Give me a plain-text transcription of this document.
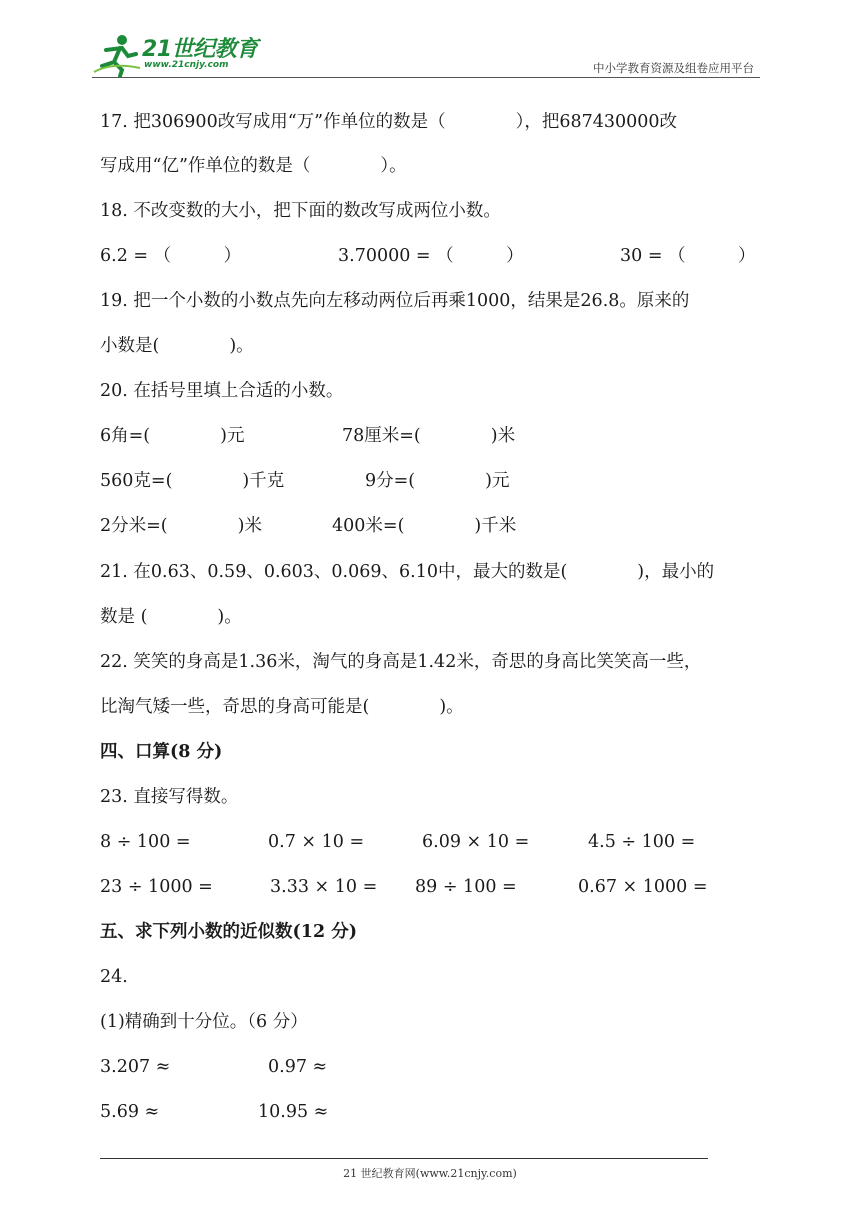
21世纪教育
www.21cnjy.com	中小学教育资源及组卷应用平台
17. 把306900改写成用“万”作单位的数是（　　　　），把687430000改
写成用“亿”作单位的数是（　　　　）。
18. 不改变数的大小，把下面的数改写成两位小数。
6.2 = （　　　）	3.70000 = （　　　）	30 = （　　　）
19. 把一个小数的小数点先向左移动两位后再乘1000，结果是26.8。原来的
小数是(　　　　)。
20. 在括号里填上合适的小数。
6角=(　　　　)元	78厘米=(　　　　)米
560克=(　　　　)千克	9分=(　　　　)元
2分米=(　　　　)米	400米=(　　　　)千米
21. 在0.63、0.59、0.603、0.069、6.10中，最大的数是(　　　　)，最小的
数是 (　　　　)。
22. 笑笑的身高是1.36米，淘气的身高是1.42米，奇思的身高比笑笑高一些，
比淘气矮一些，奇思的身高可能是(　　　　)。
四、口算(8 分)
23. 直接写得数。
8 ÷ 100 =	0.7 × 10 =	6.09 × 10 =	4.5 ÷ 100 =
23 ÷ 1000 =	3.33 × 10 = 89 ÷ 100 =	0.67 × 1000 =
五、求下列小数的近似数(12 分)
24.
(1)精确到十分位。（6 分）
3.207 ≈	0.97 ≈
5.69 ≈	10.95 ≈
21 世纪教育网(www.21cnjy.com)
